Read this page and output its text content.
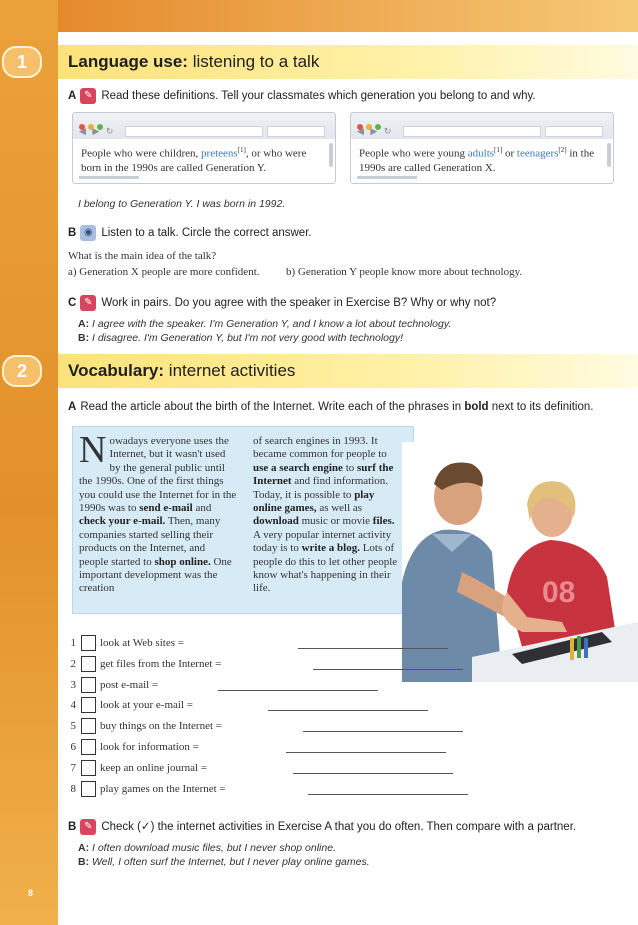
1	Language use: listening to a talk
A ✎ Read these definitions. Tell your classmates which generation you belong to and why.
◀ ▶ ↻
People who were children, preteens[1], or who were born in the 1990s are called Generation Y.
◀ ▶ ↻
People who were young adults[1] or teenagers[2] in the 1990s are called Generation X.
I belong to Generation Y. I was born in 1992.
B ◉ Listen to a talk. Circle the correct answer.
What is the main idea of the talk?
a) Generation X people are more confident. b) Generation Y people know more about technology.
C ✎ Work in pairs. Do you agree with the speaker in Exercise B? Why or why not?
A: I agree with the speaker. I'm Generation Y, and I know a lot about technology.
B: I disagree. I'm Generation Y, but I'm not very good with technology!
2	Vocabulary: internet activities
A Read the article about the birth of the Internet. Write each of the phrases in bold next to its definition.
Nowadays everyone uses the Internet, but it wasn't used by the general public until the 1990s. One of the first things you could use the Internet for in the 1990s was to send e-mail and check your e-mail. Then, many companies started selling their products on the Internet, and people started to shop online. One important development was the creation
of search engines in 1993. It became common for people to use a search engine to surf the Internet and find information. Today, it is possible to play online games, as well as download music or movie files. A very popular internet activity today is to write a blog. Lots of people do this to let other people know what's happening in their life.	08
1 look at Web sites =
2 get files from the Internet =
3 post e-mail =
4 look at your e-mail =
5 buy things on the Internet =
6 look for information =
7 keep an online journal =
8 play games on the Internet =
B ✎ Check (✓) the internet activities in Exercise A that you do often. Then compare with a partner.
A: I often download music files, but I never shop online.
B: Well, I often surf the Internet, but I never play online games.
8
